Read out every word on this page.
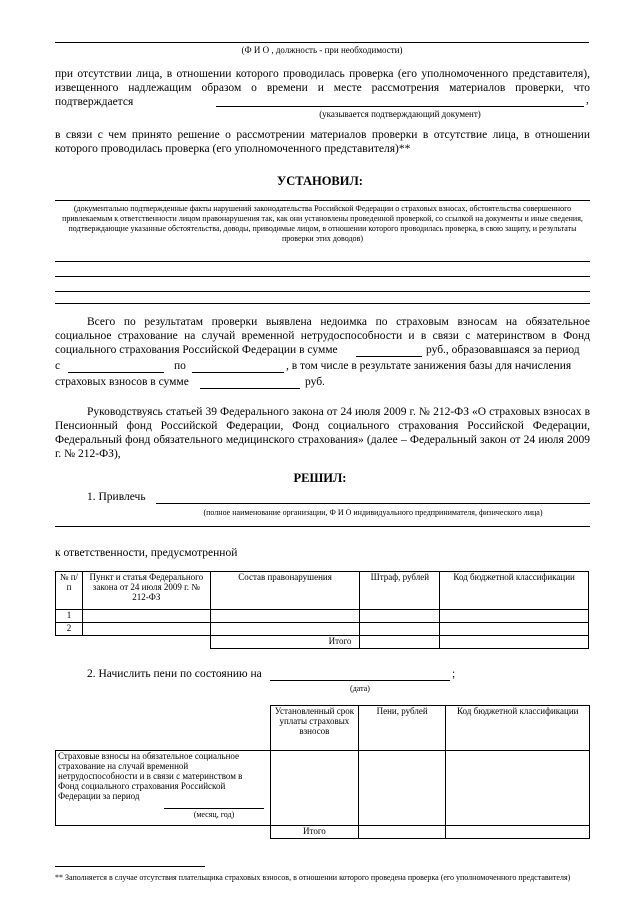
(Ф И О , должность - при необходимости)
при отсутствии лица, в отношении которого проводилась проверка (его уполномоченного представителя), извещенного надлежащим образом о времени и месте рассмотрения материалов проверки, что подтверждается	,
(указывается подтверждающий документ)
в связи с чем принято решение о рассмотрении материалов проверки в отсутствие лица, в отношении которого проводилась проверка (его уполномоченного представителя)**
УСТАНОВИЛ:
(документально подтвержденные факты нарушений законодательства Российской Федерации о страховых взносах, обстоятельства совершенного привлекаемым к ответственности лицом правонарушения так, как они установлены проведенной проверкой, со ссылкой на документы и иные сведения, подтверждающие указанные обстоятельства, доводы, приводимые лицом, в отношении которого проводилась проверка, в свою защиту, и результаты проверки этих доводов)
Всего по результатам проверки выявлена недоимка по страховым взносам на обязательное
социальное страхование на случай временной нетрудоспособности и в связи с материнством в Фонд
социального страхования Российской Федерации в сумме	руб., образовавшаяся за период
с	по	, в том числе в результате занижения базы для начисления
страховых взносов в сумме	руб.
Руководствуясь статьей 39 Федерального закона от 24 июля 2009 г. № 212-ФЗ «О страховых взносах в Пенсионный фонд Российской Федерации, Фонд социального страхования Российской Федерации, Федеральный фонд обязательного медицинского страхования» (далее – Федеральный закон от 24 июля 2009 г. № 212-ФЗ),
РЕШИЛ:
1. Привлечь
(полное наименование организации, Ф И О индивидуального предпринимателя, физического лица)
к ответственности, предусмотренной
№ п/п	Пункт и статья Федерального закона от 24 июля 2009 г. № 212-ФЗ	Состав правонарушения	Штраф, рублей	Код бюджетной классификации
1				
2				
		Итого		
2. Начислить пени по состоянию на	;
(дата)
	Установленный срок уплаты страховых взносов	Пени, рублей	Код бюджетной классификации

Страховые взносы на обязательное социальное страхование на случай временной нетрудоспособности и в связи с материнством в Фонд социального страхования Российской Федерации за период
(месяц, год)			

	Итого		
** Заполняется в случае отсутствия плательщика страховых взносов, в отношении которого проведена проверка (его уполномоченного представителя)
